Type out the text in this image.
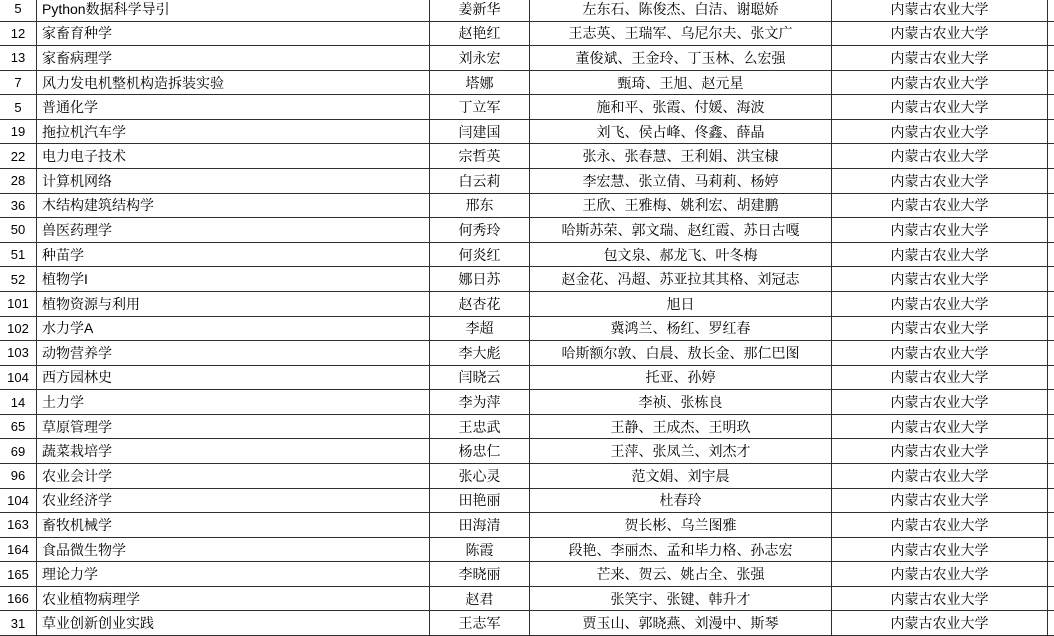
5	Python数据科学导引	姜新华	左东石、陈俊杰、白洁、谢聪娇	内蒙古农业大学
12	家畜育种学	赵艳红	王志英、王瑞军、乌尼尔夫、张文广	内蒙古农业大学
13	家畜病理学	刘永宏	董俊斌、王金玲、丁玉林、么宏强	内蒙古农业大学
7	风力发电机整机构造拆装实验	塔娜	甄琦、王旭、赵元星	内蒙古农业大学
5	普通化学	丁立军	施和平、张霞、付媛、海波	内蒙古农业大学
19	拖拉机汽车学	闫建国	刘飞、侯占峰、佟鑫、薛晶	内蒙古农业大学
22	电力电子技术	宗哲英	张永、张春慧、王利娟、洪宝棣	内蒙古农业大学
28	计算机网络	白云莉	李宏慧、张立倩、马莉莉、杨婷	内蒙古农业大学
36	木结构建筑结构学	邢东	王欣、王雅梅、姚利宏、胡建鹏	内蒙古农业大学
50	兽医药理学	何秀玲	哈斯苏荣、郭文瑞、赵红霞、苏日古嘎	内蒙古农业大学
51	种苗学	何炎红	包文泉、郝龙飞、叶冬梅	内蒙古农业大学
52	植物学I	娜日苏	赵金花、冯超、苏亚拉其其格、刘冠志	内蒙古农业大学
101 植物资源与利用	赵杏花	旭日	内蒙古农业大学
102 水力学A	李超	冀鸿兰、杨红、罗红春	内蒙古农业大学
103 动物营养学	李大彪	哈斯额尔敦、白晨、敖长金、那仁巴图	内蒙古农业大学
104 西方园林史	闫晓云	托亚、孙婷	内蒙古农业大学
14	土力学	李为萍	李祯、张栋良	内蒙古农业大学
65	草原管理学	王忠武	王静、王成杰、王明玖	内蒙古农业大学
69	蔬菜栽培学	杨忠仁	王萍、张凤兰、刘杰才	内蒙古农业大学
96	农业会计学	张心灵	范文娟、刘宇晨	内蒙古农业大学
104 农业经济学	田艳丽	杜春玲	内蒙古农业大学
163 畜牧机械学	田海清	贺长彬、乌兰图雅	内蒙古农业大学
164 食品微生物学	陈霞	段艳、李丽杰、孟和毕力格、孙志宏	内蒙古农业大学
165 理论力学	李晓丽	芒来、贺云、姚占全、张强	内蒙古农业大学
166 农业植物病理学	赵君	张笑宇、张键、韩升才	内蒙古农业大学
31	草业创新创业实践	王志军	贾玉山、郭晓燕、刘漫中、斯琴	内蒙古农业大学
